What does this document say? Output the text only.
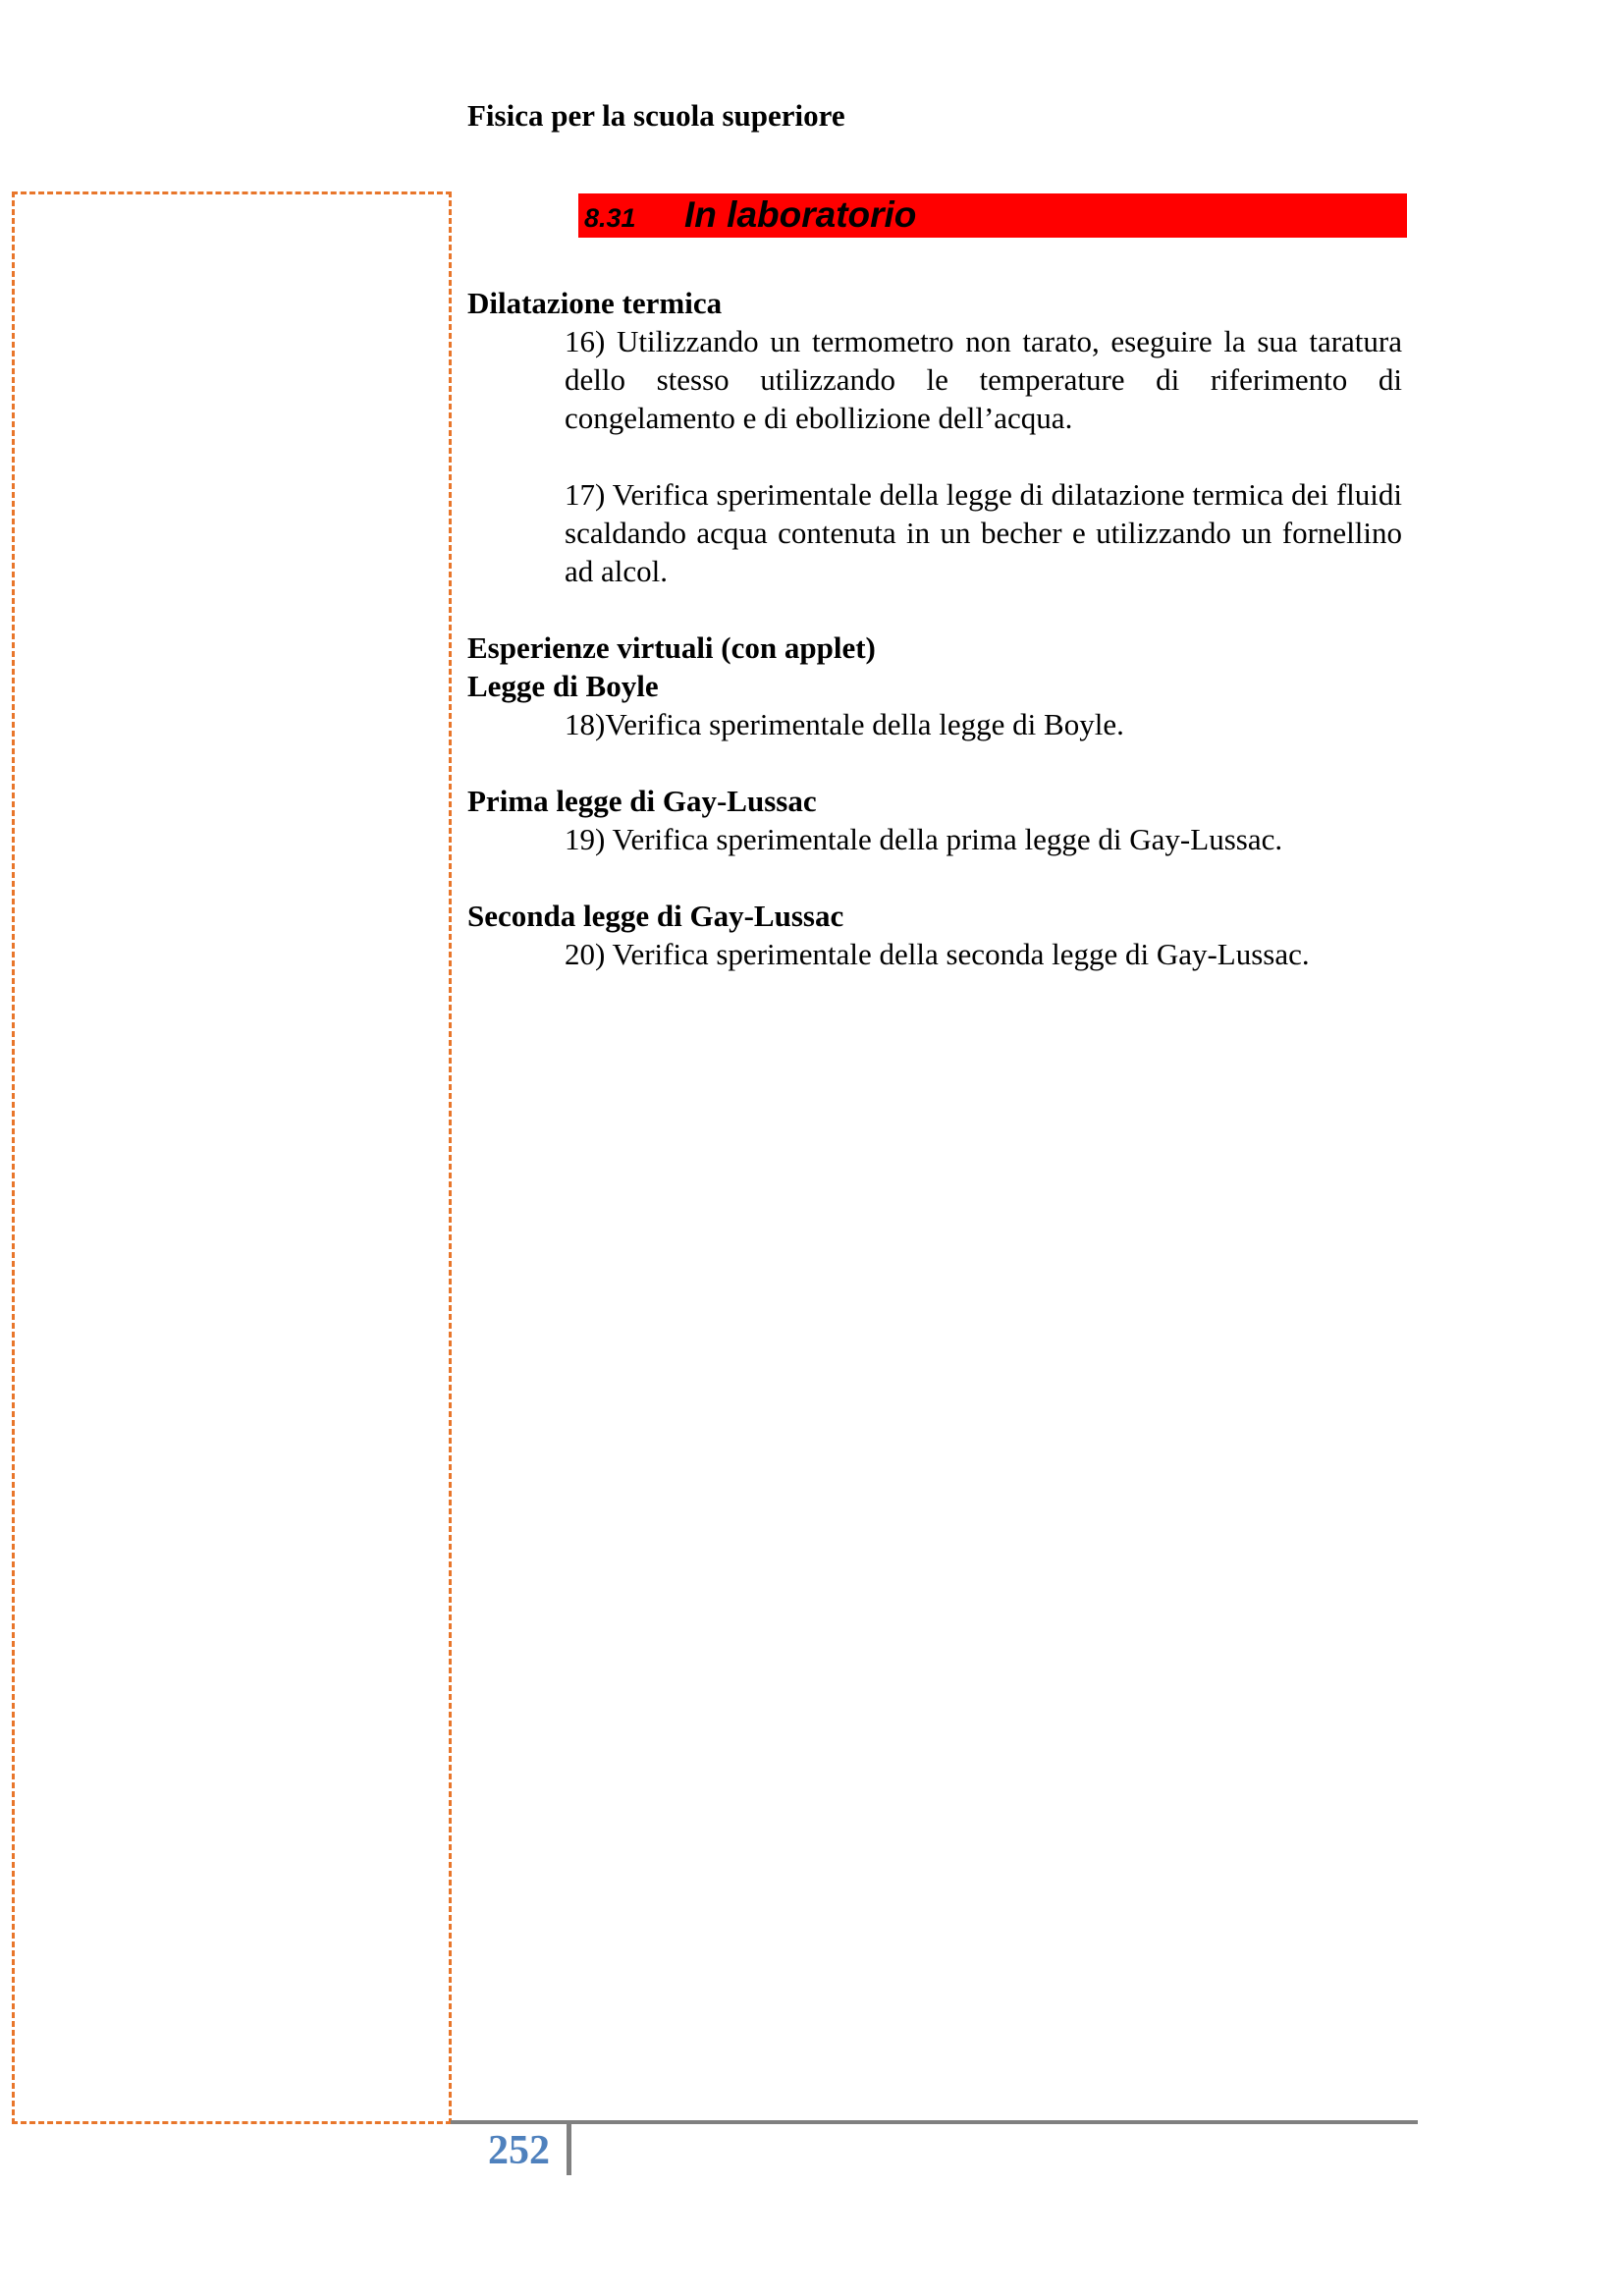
Fisica per la scuola superiore
8.31 In laboratorio

Dilatazione termica

16) Utilizzando un termometro non tarato, eseguire la sua taratura dello stesso utilizzando le temperature di riferimento di congelamento e di ebollizione dell’acqua.

17) Verifica sperimentale della legge di dilatazione termica dei fluidi scaldando acqua contenuta in un becher e utilizzando un fornellino ad alcol.

Esperienze virtuali (con applet)

Legge di Boyle

18)Verifica sperimentale della legge di Boyle.

Prima legge di Gay-Lussac

19) Verifica sperimentale della prima legge di Gay-Lussac.

Seconda legge di Gay-Lussac

20) Verifica sperimentale della seconda legge di Gay-Lussac.

252
